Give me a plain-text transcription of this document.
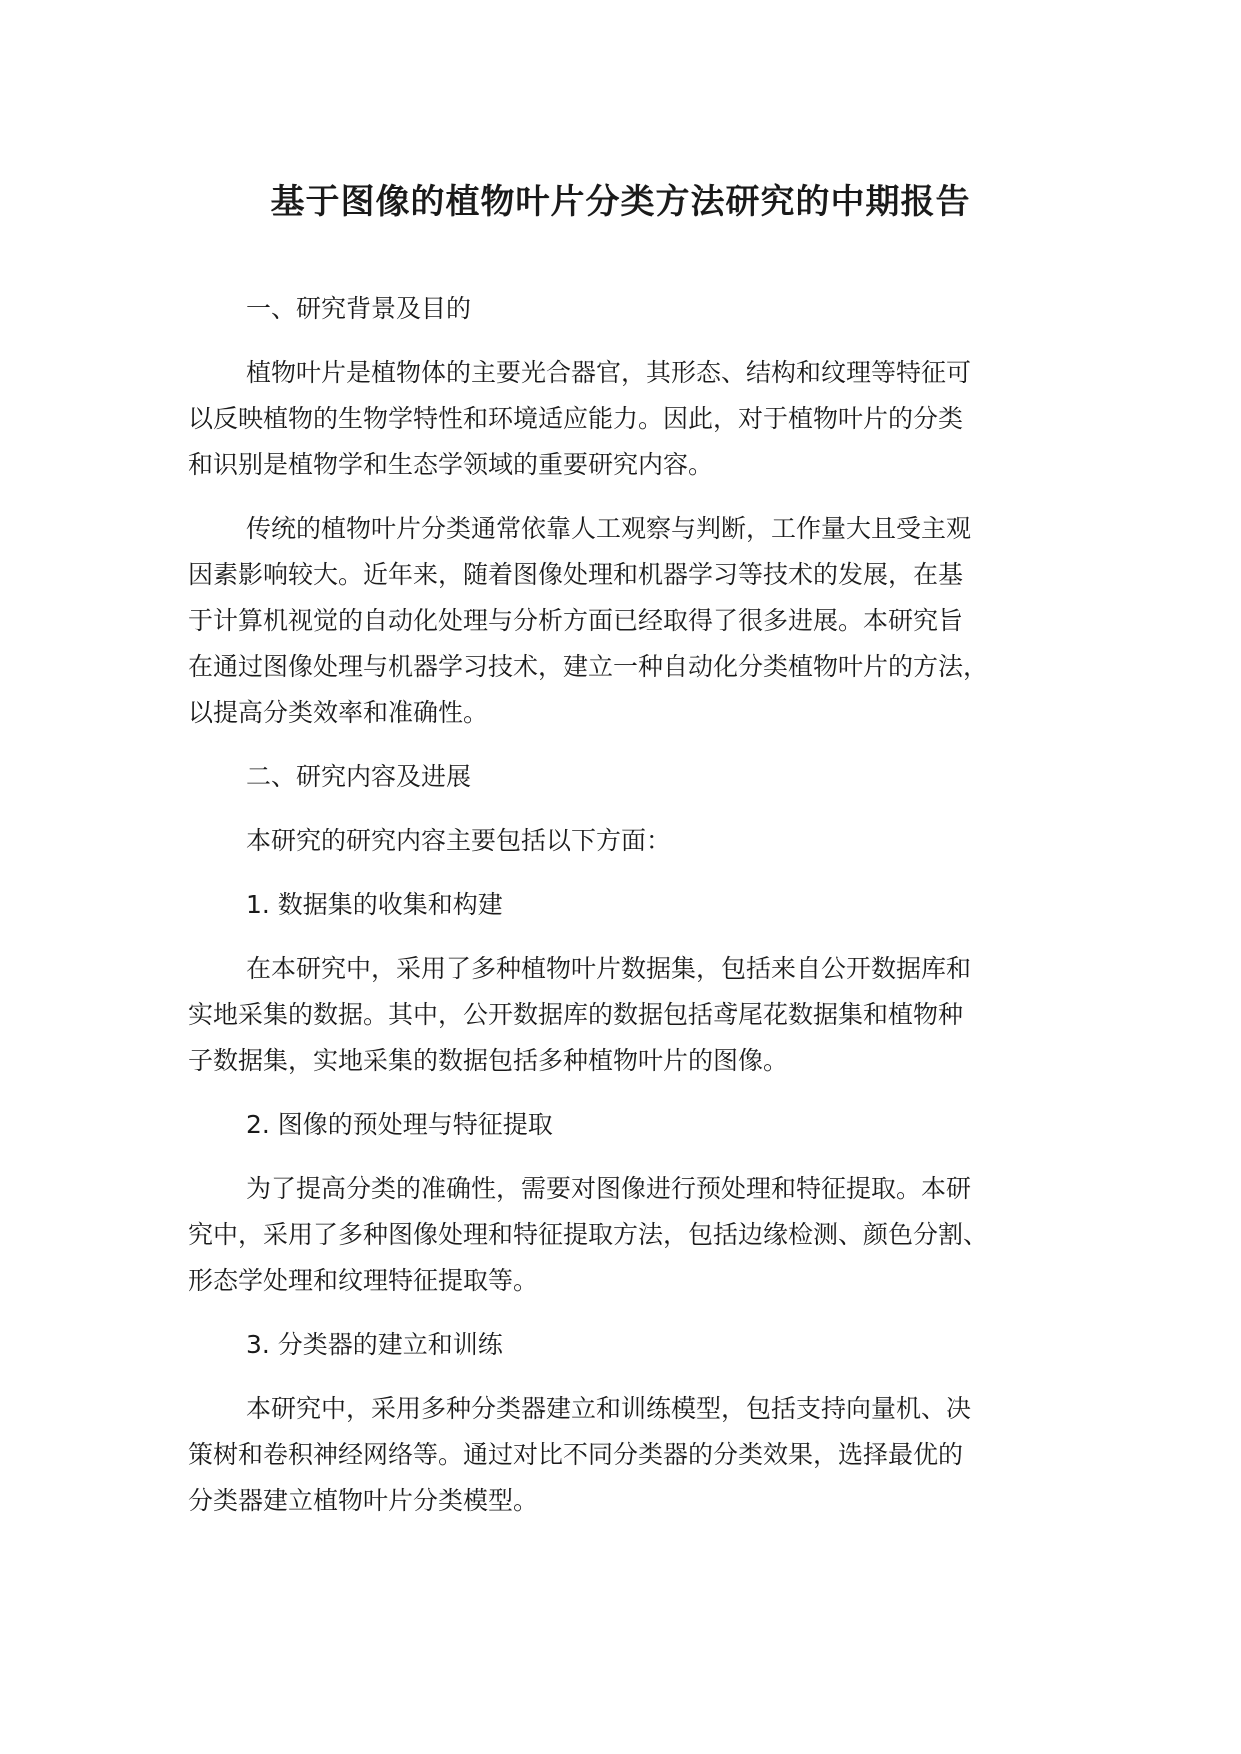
基于图像的植物叶片分类方法研究的中期报告

一、研究背景及目的

植物叶片是植物体的主要光合器官，其形态、结构和纹理等特征可
以反映植物的生物学特性和环境适应能力。因此，对于植物叶片的分类
和识别是植物学和生态学领域的重要研究内容。
传统的植物叶片分类通常依靠人工观察与判断，工作量大且受主观
因素影响较大。近年来，随着图像处理和机器学习等技术的发展，在基
于计算机视觉的自动化处理与分析方面已经取得了很多进展。本研究旨
在通过图像处理与机器学习技术，建立一种自动化分类植物叶片的方法，
以提高分类效率和准确性。

二、研究内容及进展

本研究的研究内容主要包括以下方面：

1. 数据集的收集和构建

在本研究中，采用了多种植物叶片数据集，包括来自公开数据库和
实地采集的数据。其中，公开数据库的数据包括鸢尾花数据集和植物种
子数据集，实地采集的数据包括多种植物叶片的图像。

2. 图像的预处理与特征提取

为了提高分类的准确性，需要对图像进行预处理和特征提取。本研
究中，采用了多种图像处理和特征提取方法，包括边缘检测、颜色分割、
形态学处理和纹理特征提取等。

3. 分类器的建立和训练

本研究中，采用多种分类器建立和训练模型，包括支持向量机、决
策树和卷积神经网络等。通过对比不同分类器的分类效果，选择最优的
分类器建立植物叶片分类模型。
